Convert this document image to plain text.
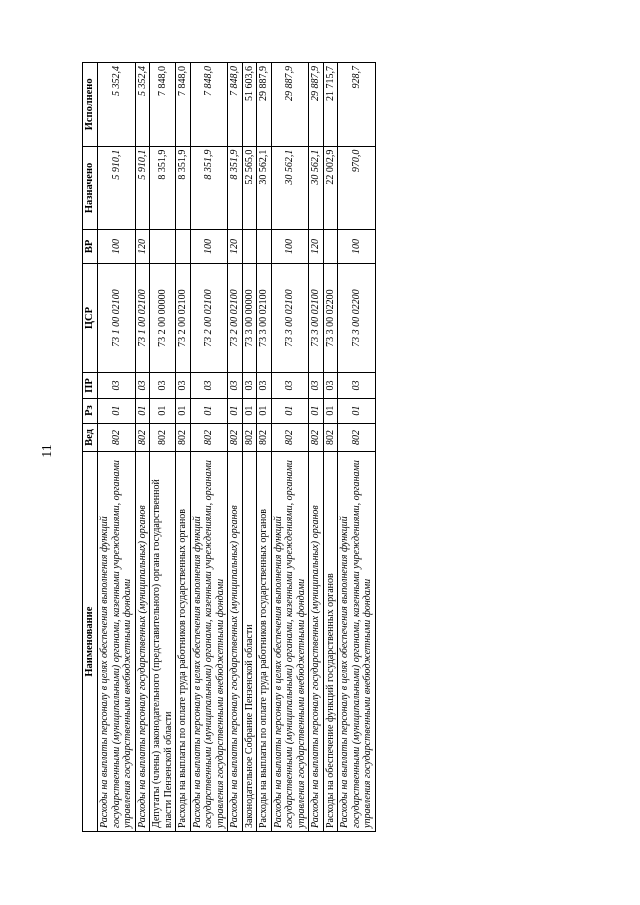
11
Наименование	Вед	Рз	ПР	ЦСР	ВР	Назначено	Исполнено
Расходы на выплаты персоналу в целях обеспечения выполнения функций государственными (муниципальными) органами, казенными учреждениями, органами управления государственными внебюджетными фондами	802	01	03	73 1 00 02100	100	5 910,1	5 352,4
Расходы на выплаты персоналу государственных (муниципальных) органов	802	01	03	73 1 00 02100	120	5 910,1	5 352,4
Депутаты (члены) законодательного (представительного) органа государственной власти Пензенской области	802	01	03	73 2 00 00000		8 351,9	7 848,0
Расходы на выплаты по оплате труда работников государственных органов	802	01	03	73 2 00 02100		8 351,9	7 848,0
Расходы на выплаты персоналу в целях обеспечения выполнения функций государственными (муниципальными) органами, казенными учреждениями, органами управления государственными внебюджетными фондами	802	01	03	73 2 00 02100	100	8 351,9	7 848,0
Расходы на выплаты персоналу государственных (муниципальных) органов	802	01	03	73 2 00 02100	120	8 351,9	7 848,0
Законодательное Собрание Пензенской области	802	01	03	73 3 00 00000		52 565,0	51 603,6
Расходы на выплаты по оплате труда работников государственных органов	802	01	03	73 3 00 02100		30 562,1	29 887,9
Расходы на выплаты персоналу в целях обеспечения выполнения функций государственными (муниципальными) органами, казенными учреждениями, органами управления государственными внебюджетными фондами	802	01	03	73 3 00 02100	100	30 562,1	29 887,9
Расходы на выплаты персоналу государственных (муниципальных) органов	802	01	03	73 3 00 02100	120	30 562,1	29 887,9
Расходы на обеспечение функций государственных органов	802	01	03	73 3 00 02200		22 002,9	21 715,7
Расходы на выплаты персоналу в целях обеспечения выполнения функций государственными (муниципальными) органами, казенными учреждениями, органами управления государственными внебюджетными фондами	802	01	03	73 3 00 02200	100	970,0	928,7
